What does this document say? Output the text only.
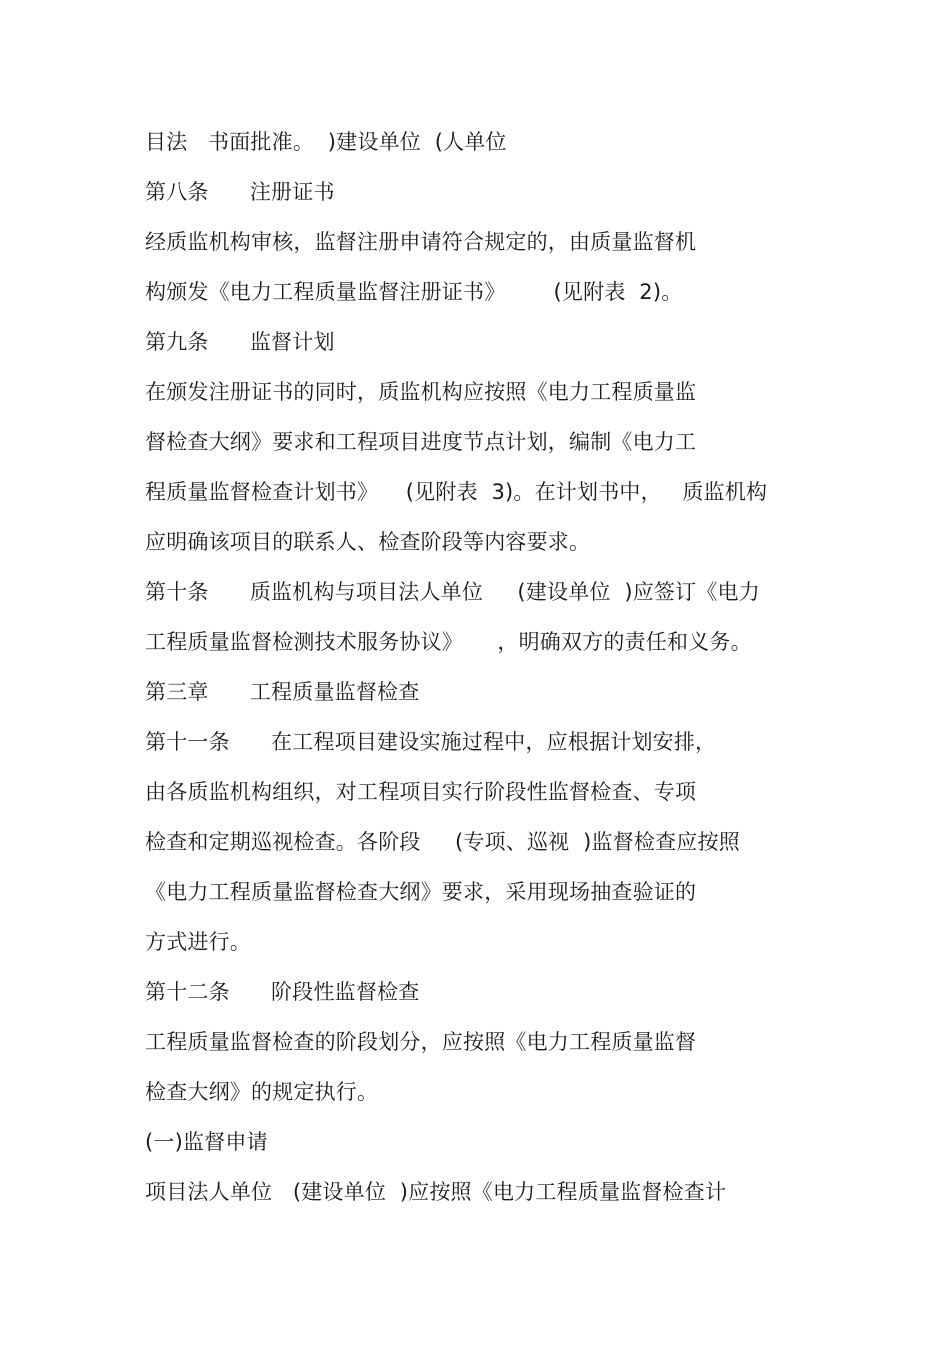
目法   书面批准。  )建设单位  (人单位
第八条      注册证书
经质监机构审核，监督注册申请符合规定的，由质量监督机
构颁发《电力工程质量监督注册证书》       (见附表  2)。
第九条      监督计划
在颁发注册证书的同时，质监机构应按照《电力工程质量监
督检查大纲》要求和工程项目进度节点计划，编制《电力工
程质量监督检查计划书》    (见附表  3)。在计划书中，   质监机构
应明确该项目的联系人、检查阶段等内容要求。
第十条      质监机构与项目法人单位     (建设单位  )应签订《电力
工程质量监督检测技术服务协议》     ，明确双方的责任和义务。
第三章      工程质量监督检查
第十一条      在工程项目建设实施过程中，应根据计划安排，
由各质监机构组织，对工程项目实行阶段性监督检查、专项
检查和定期巡视检查。各阶段     (专项、巡视  )监督检查应按照
《电力工程质量监督检查大纲》要求，采用现场抽查验证的
方式进行。
第十二条      阶段性监督检查
工程质量监督检查的阶段划分，应按照《电力工程质量监督
检查大纲》的规定执行。
(一)监督申请
项目法人单位   (建设单位  )应按照《电力工程质量监督检查计
